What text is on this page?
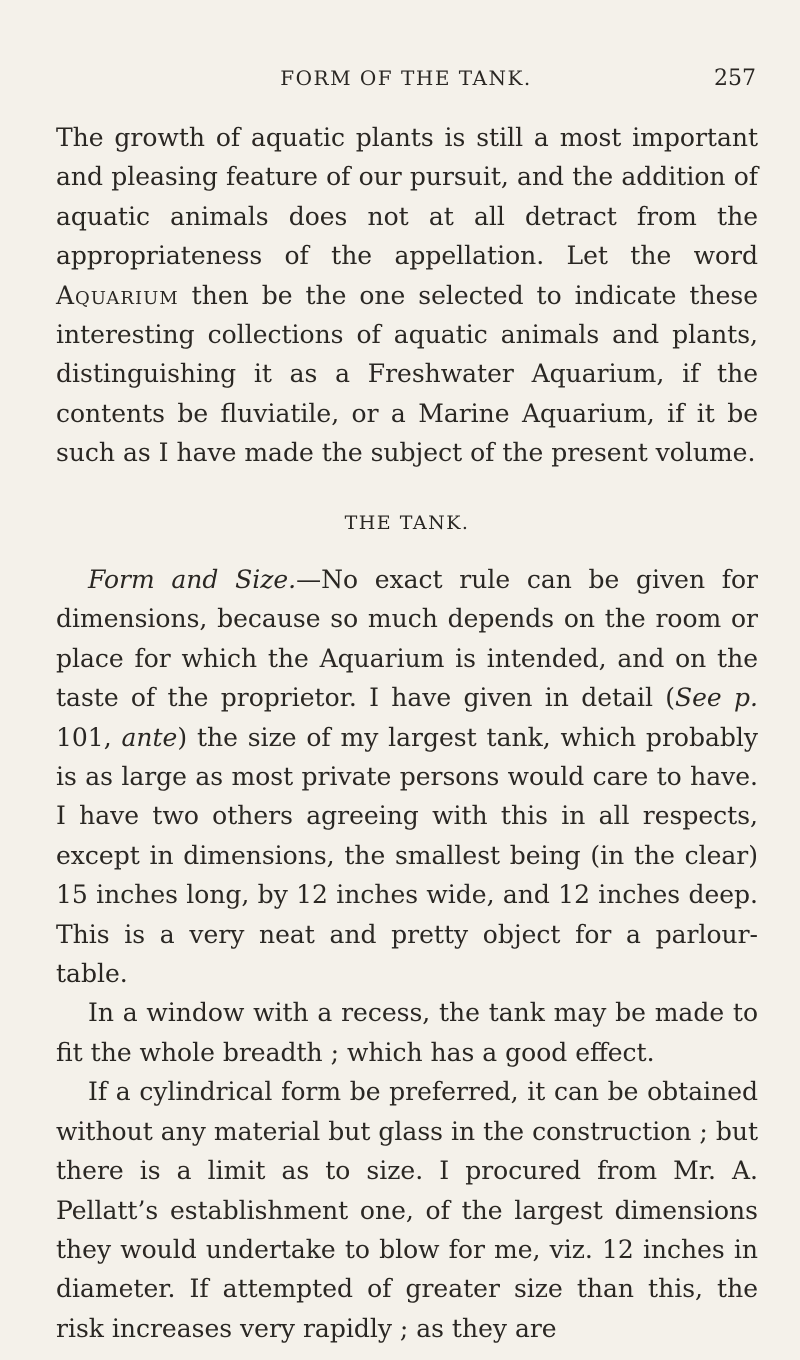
FORM OF THE TANK.	257

The growth of aquatic plants is still a most important and pleasing feature of our pursuit, and the addition of aquatic animals does not at all detract from the appropriateness of the appellation. Let the word Aquarium then be the one selected to indicate these interesting collections of aquatic animals and plants, distinguishing it as a Freshwater Aquarium, if the contents be fluviatile, or a Marine Aquarium, if it be such as I have made the subject of the present volume.

THE TANK.

Form and Size.—No exact rule can be given for dimensions, because so much depends on the room or place for which the Aquarium is intended, and on the taste of the proprietor. I have given in detail (See p. 101, ante) the size of my largest tank, which probably is as large as most private persons would care to have. I have two others agreeing with this in all respects, except in dimensions, the smallest being (in the clear) 15 inches long, by 12 inches wide, and 12 inches deep. This is a very neat and pretty object for a parlour-table.

In a window with a recess, the tank may be made to fit the whole breadth ; which has a good effect.

If a cylindrical form be preferred, it can be obtained without any material but glass in the construction ; but there is a limit as to size. I procured from Mr. A. Pellatt’s establishment one, of the largest dimensions they would undertake to blow for me, viz. 12 inches in diameter. If attempted of greater size than this, the risk increases very rapidly ; as they are
